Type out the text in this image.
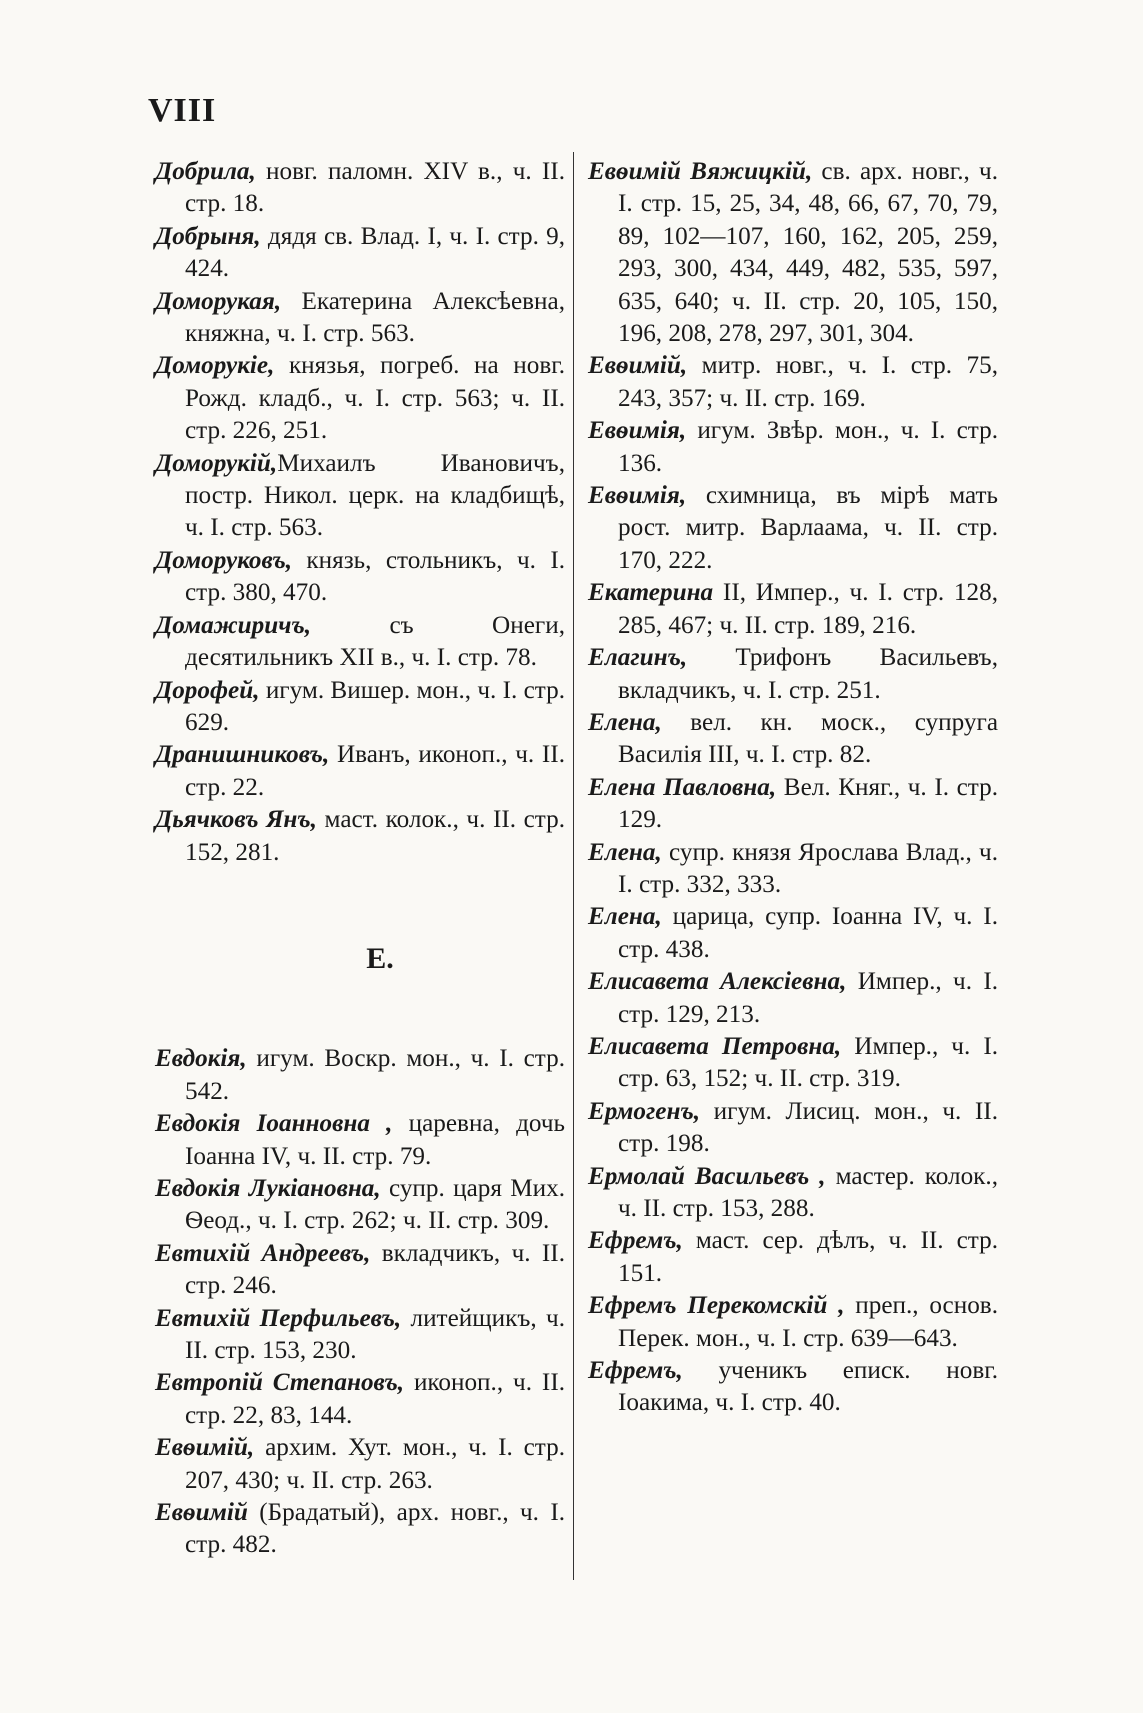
VIII
Добрила, новг. паломн. XIV в., ч. II. стр. 18.
Добрыня, дядя св. Влад. I, ч. I. стр. 9, 424.
Доморукая, Екатерина Алексѣевна, княжна, ч. I. стр. 563.
Доморукіе, князья, погреб. на новг. Рожд. кладб., ч. I. стр. 563; ч. II. стр. 226, 251.
Доморукій,Михаилъ Ивановичъ, постр. Никол. церк. на кладбищѣ, ч. I. стр. 563.
Доморуковъ, князь, стольникъ, ч. I. стр. 380, 470.
Домажиричъ, съ Онеги, десятильникъ XII в., ч. I. стр. 78.
Дорофей, игум. Вишер. мон., ч. I. стр. 629.
Дранишниковъ, Иванъ, иконоп., ч. II. стр. 22.
Дьячковъ Янъ, маст. колок., ч. II. стр. 152, 281.
Е.
Евдокія, игум. Воскр. мон., ч. I. стр. 542.
Евдокія Іоанновна , царевна, дочь Іоанна IV, ч. II. стр. 79.
Евдокія Лукіановна, супр. царя Мих. Ѳеод., ч. I. стр. 262; ч. II. стр. 309.
Евтихій Андреевъ, вкладчикъ, ч. II. стр. 246.
Евтихій Перфильевъ, литейщикъ, ч. II. стр. 153, 230.
Евтропій Степановъ, иконоп., ч. II. стр. 22, 83, 144.
Евѳимій, архим. Хут. мон., ч. I. стр. 207, 430; ч. II. стр. 263.
Евѳимій (Брадатый), арх. новг., ч. I. стр. 482.
Евѳимій Вяжицкій, св. арх. новг., ч. I. стр. 15, 25, 34, 48, 66, 67, 70, 79, 89, 102—107, 160, 162, 205, 259, 293, 300, 434, 449, 482, 535, 597, 635, 640; ч. II. стр. 20, 105, 150, 196, 208, 278, 297, 301, 304.
Евѳимій, митр. новг., ч. I. стр. 75, 243, 357; ч. II. стр. 169.
Евѳимія, игум. Звѣр. мон., ч. I. стр. 136.
Евѳимія, схимница, въ мірѣ мать рост. митр. Варлаама, ч. II. стр. 170, 222.
Екатерина II, Импер., ч. I. стр. 128, 285, 467; ч. II. стр. 189, 216.
Елагинъ, Трифонъ Васильевъ, вкладчикъ, ч. I. стр. 251.
Елена, вел. кн. моск., супруга Василія III, ч. I. стр. 82.
Елена Павловна, Вел. Княг., ч. I. стр. 129.
Елена, супр. князя Ярослава Влад., ч. I. стр. 332, 333.
Елена, царица, супр. Іоанна IV, ч. I. стр. 438.
Елисавета Алексіевна, Импер., ч. I. стр. 129, 213.
Елисавета Петровна, Импер., ч. I. стр. 63, 152; ч. II. стр. 319.
Ермогенъ, игум. Лисиц. мон., ч. II. стр. 198.
Ермолай Васильевъ , мастер. колок., ч. II. стр. 153, 288.
Ефремъ, маст. сер. дѣлъ, ч. II. стр. 151.
Ефремъ Перекомскій , преп., основ. Перек. мон., ч. I. стр. 639—643.
Ефремъ, ученикъ еписк. новг. Іоакима, ч. I. стр. 40.
